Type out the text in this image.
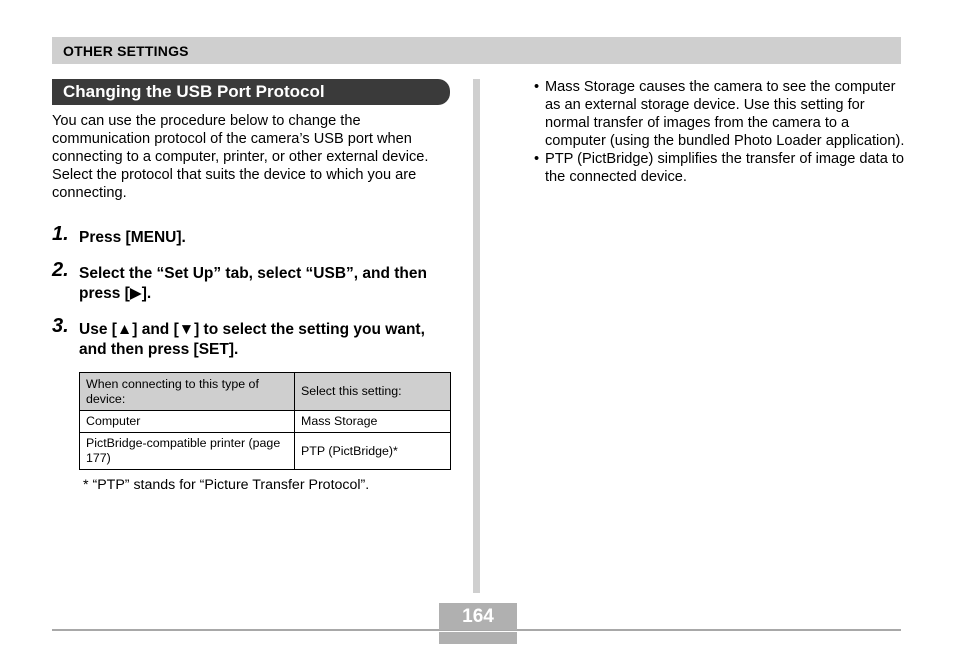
OTHER SETTINGS
Changing the USB Port Protocol

You can use the procedure below to change the communication protocol of the camera’s USB port when connecting to a computer, printer, or other external device. Select the protocol that suits the device to which you are connecting.

1. Press [MENU].
2. Select the “Set Up” tab, select “USB”, and then press [▶].
3. Use [▲] and [▼] to select the setting you want, and then press [SET].
When connecting to this type of device:	Select this setting:
Computer	Mass Storage
PictBridge-compatible printer (page 177)	PTP (PictBridge)*
* “PTP” stands for “Picture Transfer Protocol”.
• Mass Storage causes the camera to see the computer as an external storage device. Use this setting for normal transfer of images from the camera to a computer (using the bundled Photo Loader application).
• PTP (PictBridge) simplifies the transfer of image data to the connected device.
164
